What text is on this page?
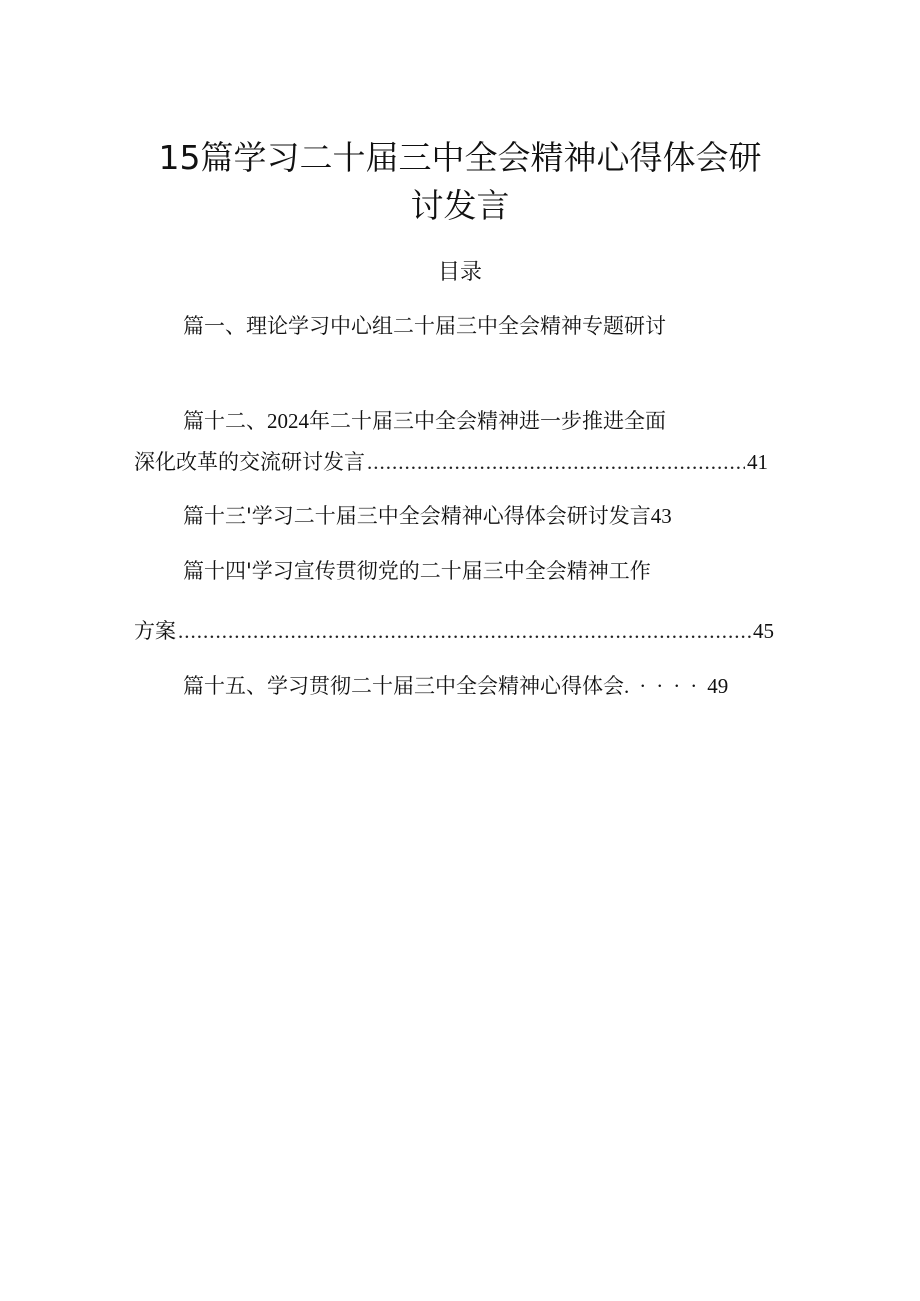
15篇学习二十届三中全会精神心得体会研
讨发言
目录
篇一、理论学习中心组二十届三中全会精神专题研讨
篇十二、2024年二十届三中全会精神进一步推进全面
深化改革的交流研讨发言 .....	41
篇十三'学习二十届三中全会精神心得体会研讨发言43
篇十四'学习宣传贯彻党的二十届三中全会精神工作
方案 .....	45
篇十五、学习贯彻二十届三中全会精神心得体会.····49
